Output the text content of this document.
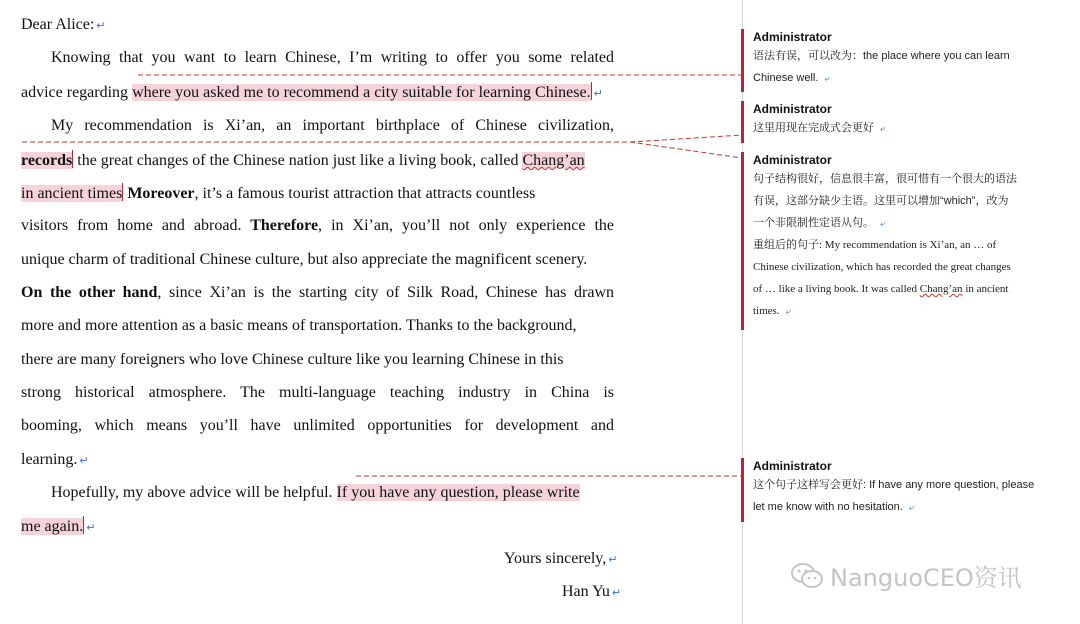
Dear Alice: ↵
Knowing that you want to learn Chinese, I’m writing to offer you some related
advice regarding where you asked me to recommend a city suitable for learning Chinese. ↵
My recommendation is Xi’an, an important birthplace of Chinese civilization,
records the great changes of the Chinese nation just like a living book, called Chang’an
in ancient times Moreover, it’s a famous tourist attraction that attracts countless
visitors from home and abroad. Therefore, in Xi’an, you’ll not only experience the
unique charm of traditional Chinese culture, but also appreciate the magnificent scenery.
On the other hand, since Xi’an is the starting city of Silk Road, Chinese has drawn
more and more attention as a basic means of transportation. Thanks to the background,
there are many foreigners who love Chinese culture like you learning Chinese in this
strong historical atmosphere. The multi-language teaching industry in China is
booming, which means you’ll have unlimited opportunities for development and
learning. ↵
Hopefully, my above advice will be helpful. If you have any question, please write
me again. ↵
Yours sincerely, ↵
Han Yu ↵
Administrator
语法有误，可以改为：the place where you can learn
Chinese well. ⤶
Administrator
这里用现在完成式会更好 ⤶
Administrator
句子结构很好，信息很丰富，很可惜有一个很大的语法
有误，这部分缺少主语。这里可以增加“which”，改为
一个非限制性定语从句。 ⤶
重组后的句子: My recommendation is Xi’an, an … of
Chinese civilization, which has recorded the great changes
of … like a living book. It was called Chang’an in ancient
times. ⤶
Administrator
这个句子这样写会更好: If have any more question, please
let me know with no hesitation. ⤶
NanguoCEO资讯
